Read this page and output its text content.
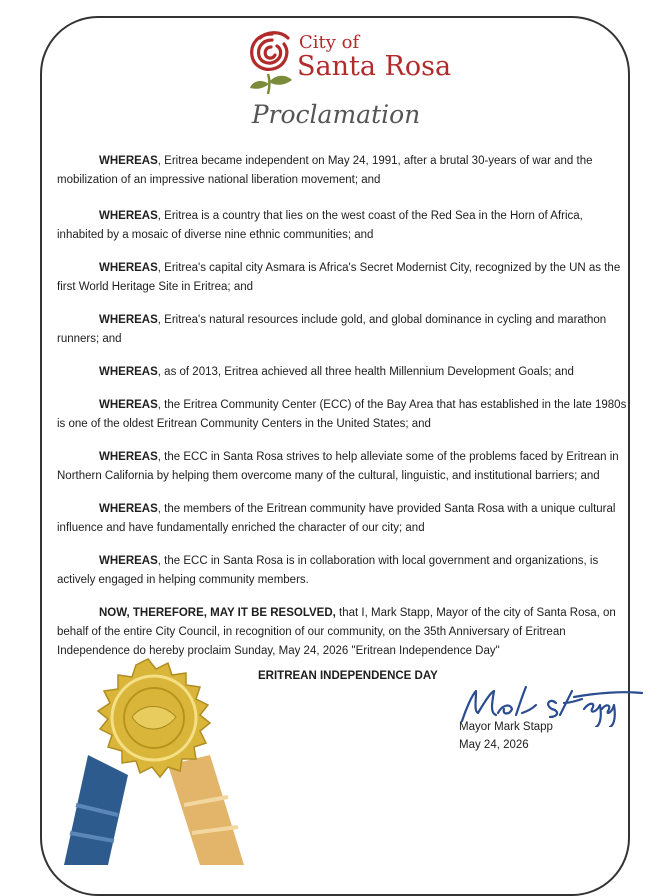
City of
Santa Rosa
Proclamation

WHEREAS, Eritrea became independent on May 24, 1991, after a brutal 30-years of war and the mobilization of an impressive national liberation movement; and

WHEREAS, Eritrea is a country that lies on the west coast of the Red Sea in the Horn of Africa, inhabited by a mosaic of diverse nine ethnic communities; and

WHEREAS, Eritrea's capital city Asmara is Africa's Secret Modernist City, recognized by the UN as the first World Heritage Site in Eritrea; and

WHEREAS, Eritrea's natural resources include gold, and global dominance in cycling and marathon runners; and

WHEREAS, as of 2013, Eritrea achieved all three health Millennium Development Goals; and

WHEREAS, the Eritrea Community Center (ECC) of the Bay Area that has established in the late 1980s is one of the oldest Eritrean Community Centers in the United States; and

WHEREAS, the ECC in Santa Rosa strives to help alleviate some of the problems faced by Eritrean in Northern California by helping them overcome many of the cultural, linguistic, and institutional barriers; and

WHEREAS, the members of the Eritrean community have provided Santa Rosa with a unique cultural influence and have fundamentally enriched the character of our city; and

WHEREAS, the ECC in Santa Rosa is in collaboration with local government and organizations, is actively engaged in helping community members.

NOW, THEREFORE, MAY IT BE RESOLVED, that I, Mark Stapp, Mayor of the city of Santa Rosa, on behalf of the entire City Council, in recognition of our community, on the 35th Anniversary of Eritrean Independence do hereby proclaim Sunday, May 24, 2026 "Eritrean Independence Day"

ERITREAN INDEPENDENCE DAY
Mayor Mark Stapp
May 24, 2026
